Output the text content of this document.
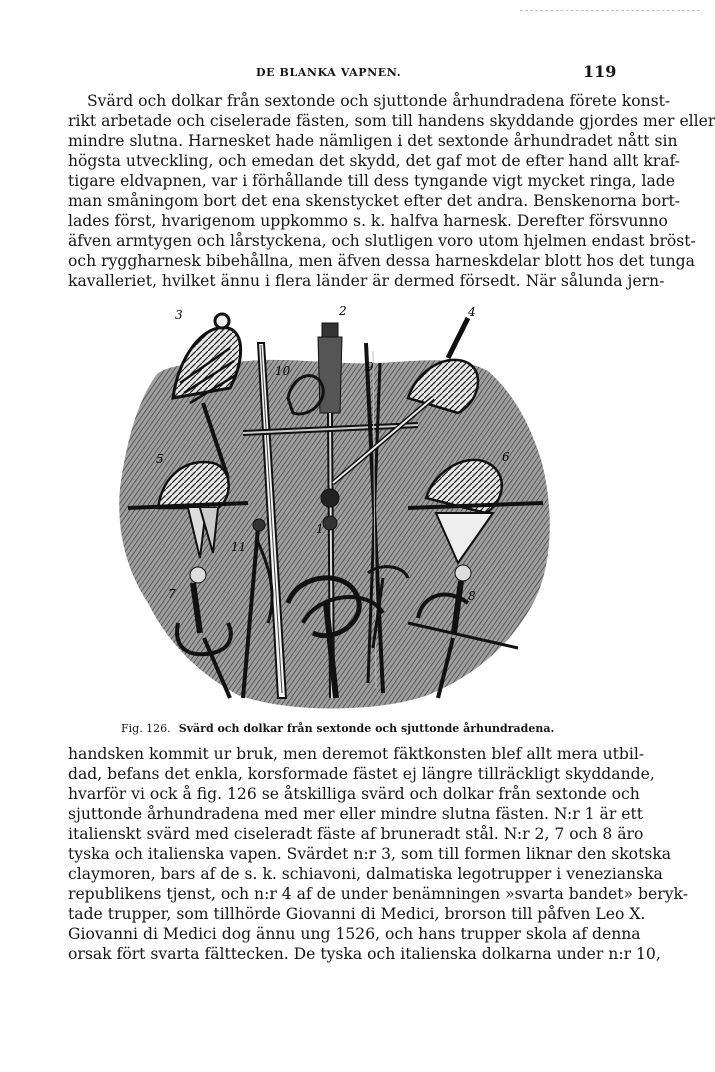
DE BLANKA VAPNEN.	119
Svärd och dolkar från sextonde och sjuttonde århundradena förete konst-
rikt arbetade och ciselerade fästen, som till handens skyddande gjordes mer eller
mindre slutna. Harnesket hade nämligen i det sextonde århundradet nått sin
högsta utveckling, och emedan det skydd, det gaf mot de efter hand allt kraf-
tigare eldvapnen, var i förhållande till dess tyngande vigt mycket ringa, lade
man småningom bort det ena skenstycket efter det andra. Benskenorna bort-
lades först, hvarigenom uppkommo s. k. halfva harnesk. Derefter försvunno
äfven armtygen och lårstyckena, och slutligen voro utom hjelmen endast bröst-
och ryggharnesk bibehållna, men äfven dessa harneskdelar blott hos det tunga
kavalleriet, hvilket ännu i flera länder är dermed försedt. När sålunda jern-
3	2	4
10	9
5	6
1
11
7	8
Fig. 126. Svärd och dolkar från sextonde och sjuttonde århundradena.
handsken kommit ur bruk, men deremot fäktkonsten blef allt mera utbil-
dad, befans det enkla, korsformade fästet ej längre tillräckligt skyddande,
hvarför vi ock å fig. 126 se åtskilliga svärd och dolkar från sextonde och
sjuttonde århundradena med mer eller mindre slutna fästen. N:r 1 är ett
italienskt svärd med ciseleradt fäste af bruneradt stål. N:r 2, 7 och 8 äro
tyska och italienska vapen. Svärdet n:r 3, som till formen liknar den skotska
claymoren, bars af de s. k. schiavoni, dalmatiska legotrupper i venezianska
republikens tjenst, och n:r 4 af de under benämningen »svarta bandet» beryk-
tade trupper, som tillhörde Giovanni di Medici, brorson till påfven Leo X.
Giovanni di Medici dog ännu ung 1526, och hans trupper skola af denna
orsak fört svarta fälttecken. De tyska och italienska dolkarna under n:r 10,
